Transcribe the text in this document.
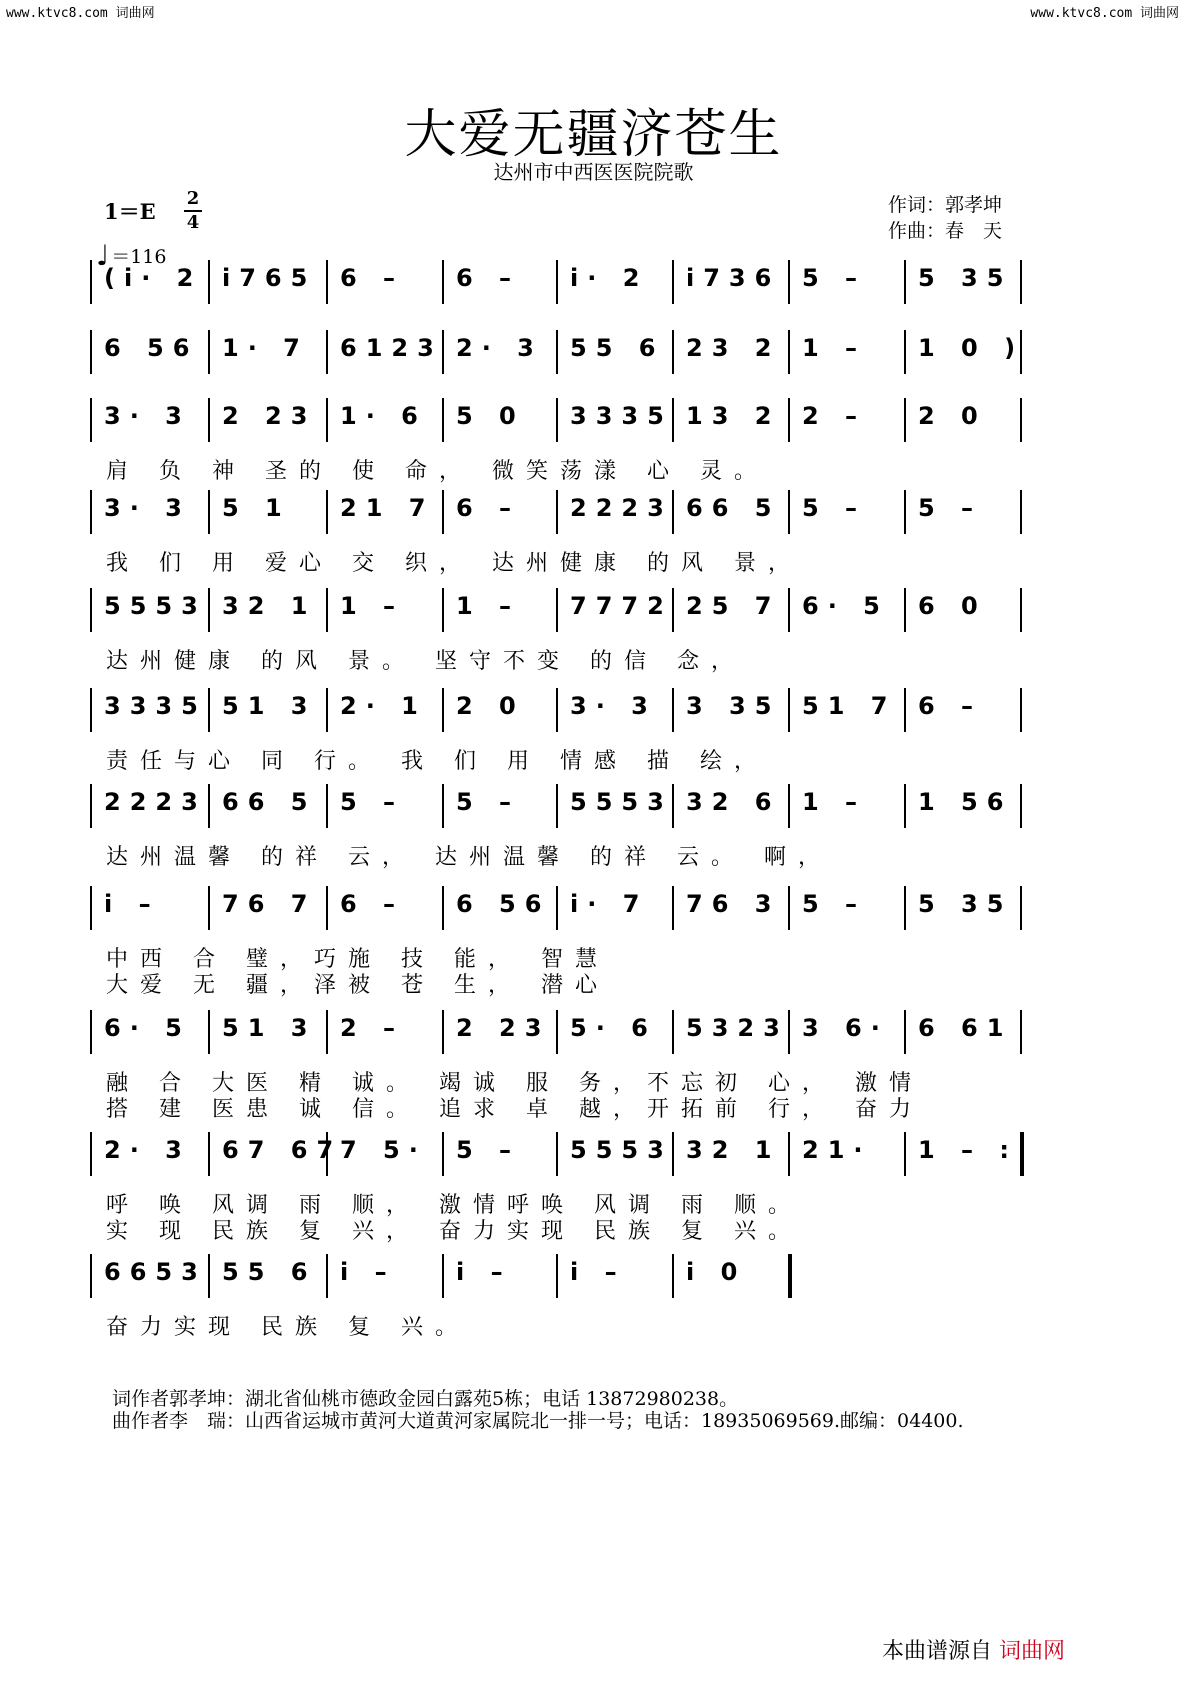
www.ktvc8.com 词曲网	www.ktvc8.com 词曲网
大爱无疆济苍生
达州市中西医医院院歌
1＝E
2
4
♩ ＝116
作词：郭孝坤
作曲：春　天
(i· 2 i765 6 – 6 – i· 2 i736 5 – 5 35
6 56 1· 7 6123 2· 3 55 6 23 2 1 – 1 0 )
3· 3 2 23 1· 6 5 0 3335 13 2 2 – 2 0
肩 负 神 圣的 使 命， 微笑荡漾 心 灵。
3· 3 5 1 21 7 6 – 2223 66 5 5 – 5 –
我 们 用 爱心 交 织， 达州健康 的风 景，
5553 32 1 1 – 1 – 7772 25 7 6· 5 6 0
达州健康 的风 景。 坚守不变 的信 念，
3335 51 3 2· 1 2 0 3· 3 3 35 51 7 6 –
责任与心 同 行。 我 们 用 情感 描 绘，
2223 66 5 5 – 5 – 5553 32 6 1 – 1 56
达州温馨 的祥 云， 达州温馨 的祥 云。 啊，
i –	76 7 6 – 6 56 i· 7 76 3 5 – 5 35
中西 合 璧，巧施 技 能， 智慧
大爱 无 疆，泽被 苍 生， 潜心
6· 5 51 3 2 – 2 23 5· 6 5323 3 6· 6 61
融 合 大医 精 诚。 竭诚 服 务，不忘初 心， 激情
搭 建 医患 诚 信。 追求 卓 越，开拓前 行， 奋力
2· 3 67 67
7 5· 5 – 5553 32 1 21· 1 – :
呼 唤 风调 雨 顺， 激情呼唤 风调 雨 顺。
实 现 民族 复 兴， 奋力实现 民族 复 兴。
6653 55 6 i –	i – i –	i 0
奋力实现 民族 复 兴。
词作者郭孝坤：湖北省仙桃市德政金园白露苑5栋；电话 13872980238。
曲作者李　瑞：山西省运城市黄河大道黄河家属院北一排一号；电话：18935069569.邮编：04400.
本曲谱源自 词曲网
